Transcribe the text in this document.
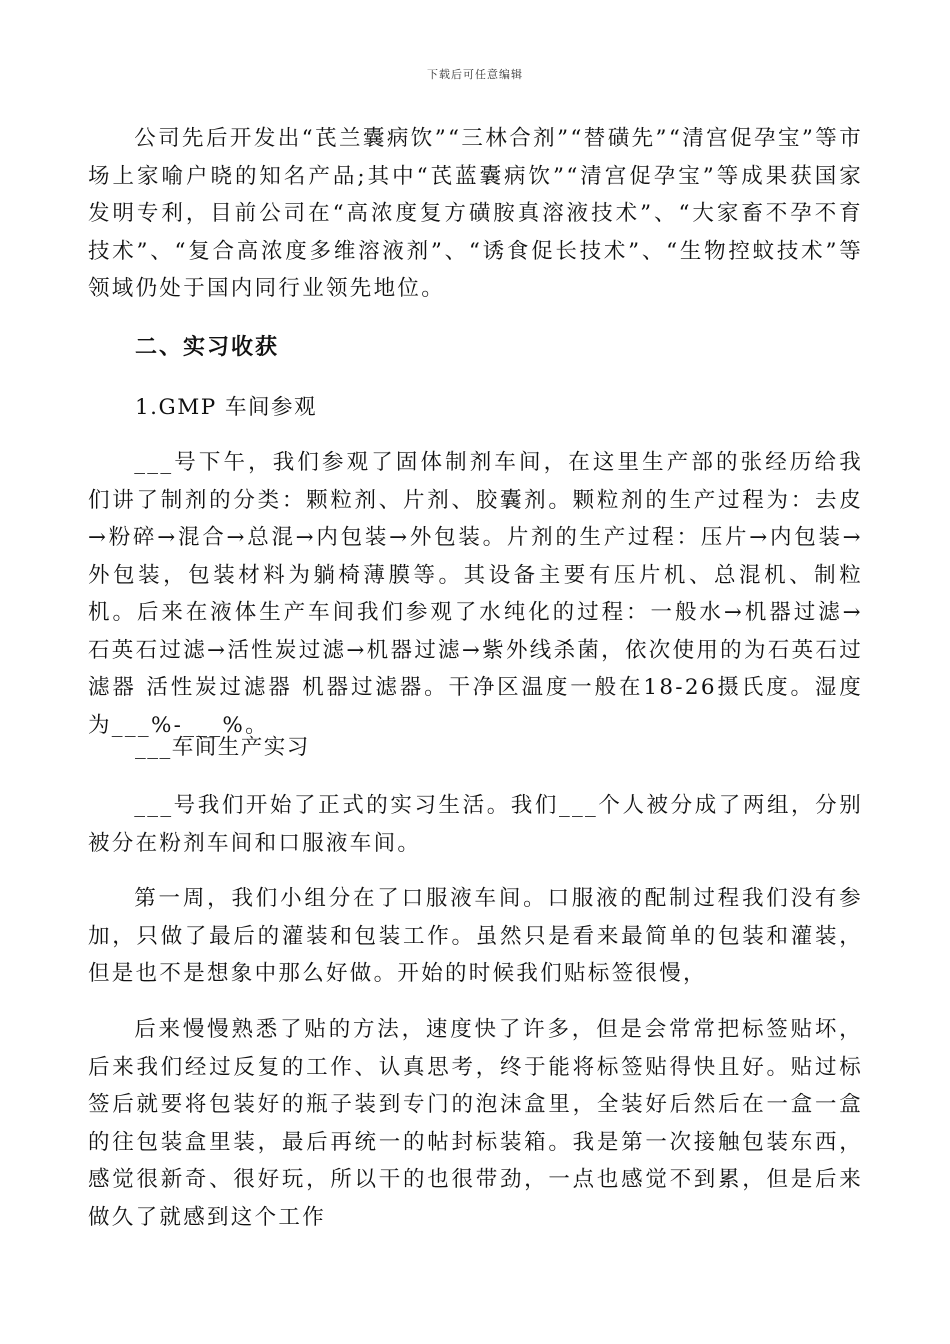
下载后可任意编辑

公司先后开发出“芪兰囊病饮”“三林合剂”“替磺先”“清宫促孕宝”等市场上家喻户晓的知名产品;其中“芪蓝囊病饮”“清宫促孕宝”等成果获国家发明专利，目前公司在“高浓度复方磺胺真溶液技术”、“大家畜不孕不育技术”、“复合高浓度多维溶液剂”、“诱食促长技术”、“生物控蚊技术”等领域仍处于国内同行业领先地位。

二、实习收获

1.GMP 车间参观

___号下午，我们参观了固体制剂车间，在这里生产部的张经历给我们讲了制剂的分类：颗粒剂、片剂、胶囊剂。颗粒剂的生产过程为：去皮→粉碎→混合→总混→内包装→外包装。片剂的生产过程：压片→内包装→外包装，包装材料为躺椅薄膜等。其设备主要有压片机、总混机、制粒机。后来在液体生产车间我们参观了水纯化的过程：一般水→机器过滤→石英石过滤→活性炭过滤→机器过滤→紫外线杀菌，依次使用的为石英石过滤器 活性炭过滤器 机器过滤器。干净区温度一般在18-26摄氏度。湿度为___%-___%。

___车间生产实习

___号我们开始了正式的实习生活。我们___个人被分成了两组，分别被分在粉剂车间和口服液车间。

第一周，我们小组分在了口服液车间。口服液的配制过程我们没有参加，只做了最后的灌装和包装工作。虽然只是看来最简单的包装和灌装，但是也不是想象中那么好做。开始的时候我们贴标签很慢，

后来慢慢熟悉了贴的方法，速度快了许多，但是会常常把标签贴坏，后来我们经过反复的工作、认真思考，终于能将标签贴得快且好。贴过标签后就要将包装好的瓶子装到专门的泡沫盒里，全装好后然后在一盒一盒的往包装盒里装，最后再统一的帖封标装箱。我是第一次接触包装东西，感觉很新奇、很好玩，所以干的也很带劲，一点也感觉不到累，但是后来做久了就感到这个工作
